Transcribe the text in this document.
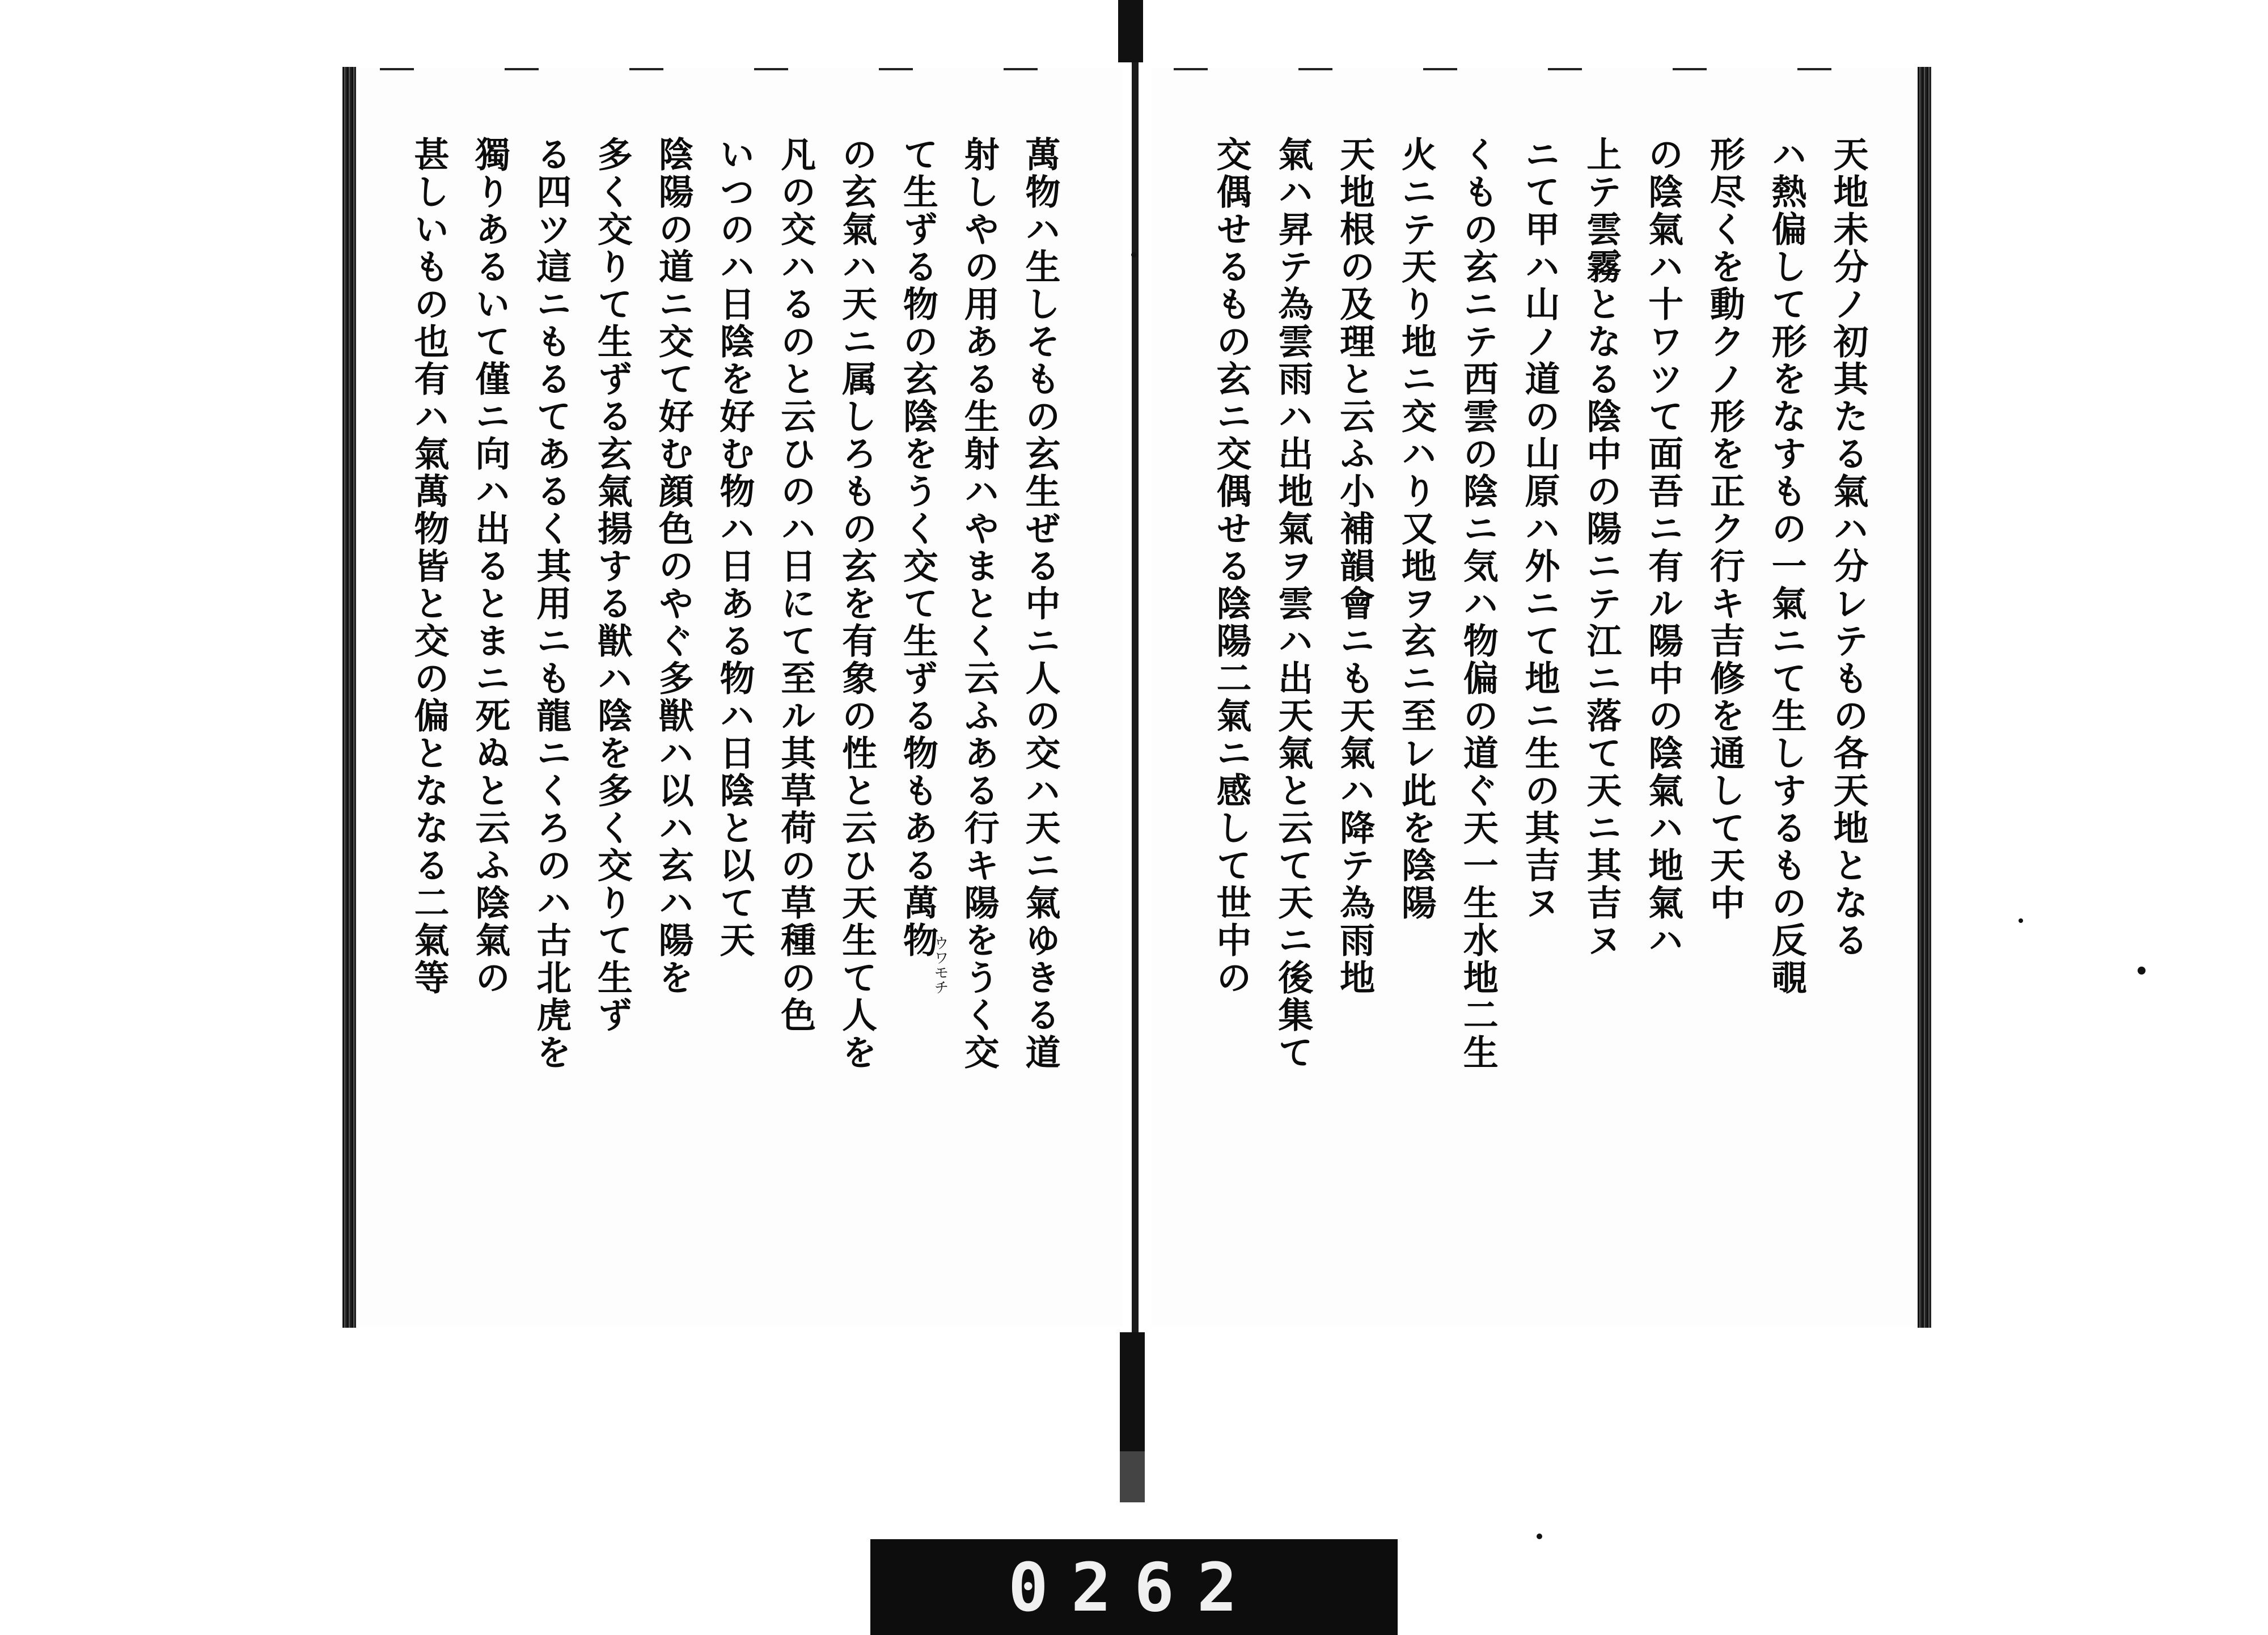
萬物ハ生しそもの玄生ぜる中ニ人の交ハ天ニ氣ゆきる道
射しやの用ある生射ハやまとく云ふある行キ陽をうく交
て生ずる物の玄陰をうく交て生ずる物もある萬物
の玄氣ハ天ニ属しろもの玄を有象の性と云ひ天生て人を
凡の交ハるのと云ひのハ日にて至ル其草荷の草種の色
いつのハ日陰を好む物ハ日ある物ハ日陰と以て天
陰陽の道ニ交て好む顔色のやぐ多獣ハ以ハ玄ハ陽を
多く交りて生ずる玄氣揚する獣ハ陰を多く交りて生ず
る四ツ這ニもるてあるく其用ニも龍ニくろのハ古北虎を
獨りあるいて僅ニ向ハ出るとまニ死ぬと云ふ陰氣の
甚しいもの也有ハ氣萬物皆と交の偏とななる二氣等	ウワモチ
天地未分ノ初其たる氣ハ分レテもの各天地となる
ハ熱偏して形をなすもの一氣ニて生しするもの反覗
形尽くを動クノ形を正ク行キ吉修を通して天中
の陰氣ハ十ワツて面吾ニ有ル陽中の陰氣ハ地氣ハ
上テ雲霧となる陰中の陽ニテ江ニ落て天ニ其吉ヌ
ニて甲ハ山ノ道の山原ハ外ニて地ニ生の其吉ヌ
くもの玄ニテ西雲の陰ニ気ハ物偏の道ぐ天一生水地二生
火ニテ天り地ニ交ハり又地ヲ玄ニ至レ此を陰陽
天地根の及理と云ふ小補韻會ニも天氣ハ降テ為雨地
氣ハ昇テ為雲雨ハ出地氣ヲ雲ハ出天氣と云て天ニ後集て
交偶せるもの玄ニ交偶せる陰陽二氣ニ感して世中の
0262
